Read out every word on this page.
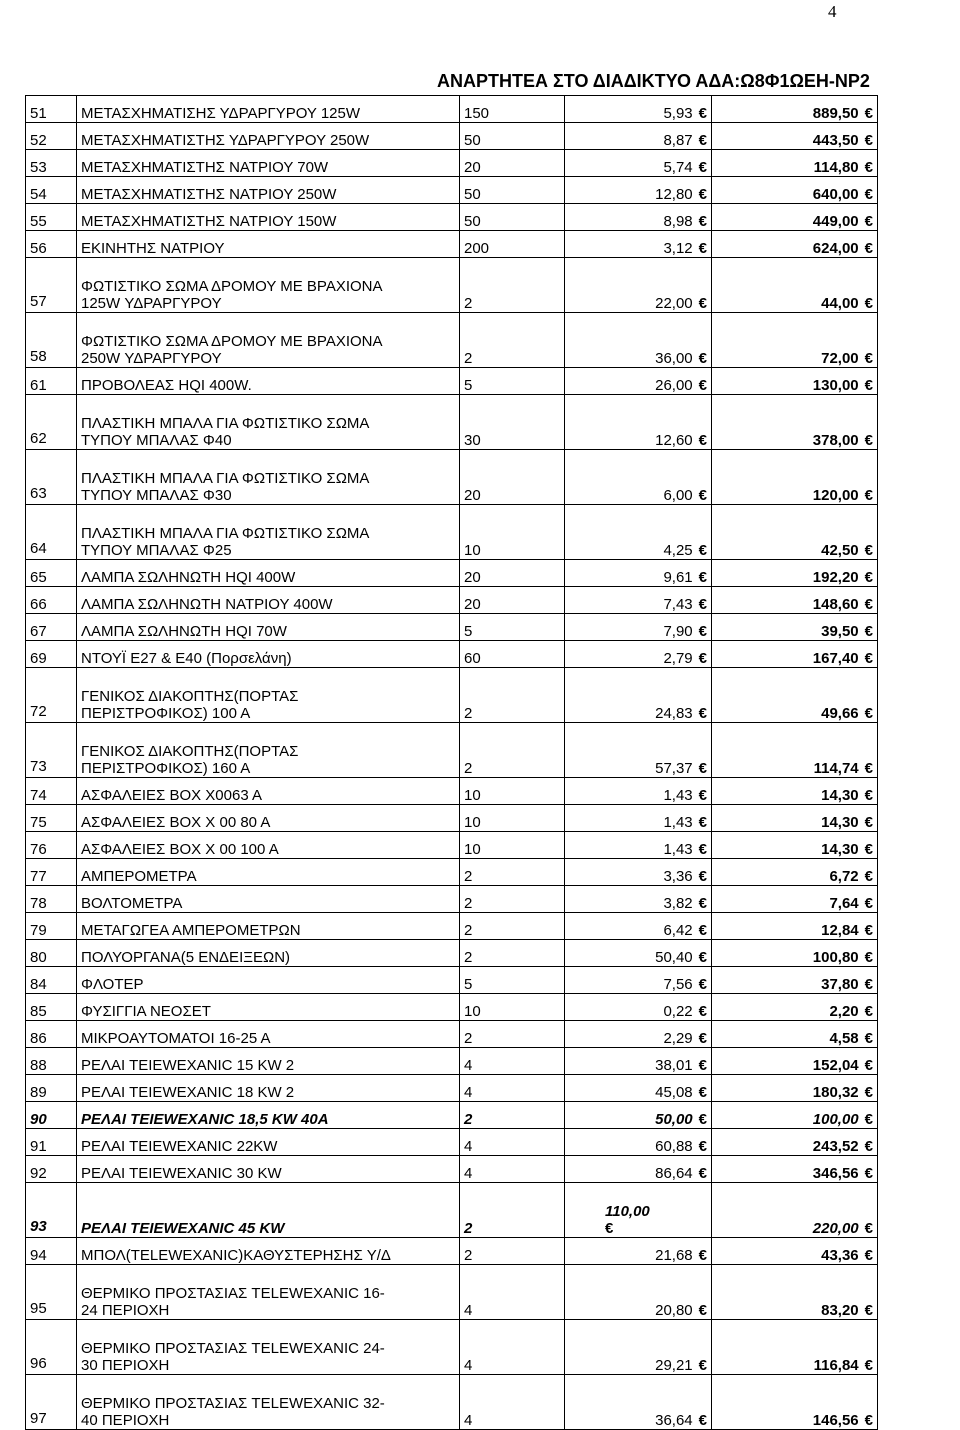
4
ΑΝΑΡΤΗΤΕΑ ΣΤΟ ΔΙΑΔΙΚΤΥΟ ΑΔΑ:Ω8Φ1ΩΕΗ-ΝΡ2
51	ΜΕΤΑΣΧΗΜΑΤΙΣΗΣ ΥΔΡΑΡΓΥΡΟΥ 125W	150	5,93 €	889,50 €
52	ΜΕΤΑΣΧΗΜΑΤΙΣΤΗΣ ΥΔΡΑΡΓΥΡΟΥ 250W	50	8,87 €	443,50 €
53	ΜΕΤΑΣΧΗΜΑΤΙΣΤΗΣ ΝΑΤΡΙΟΥ 70W	20	5,74 €	114,80 €
54	ΜΕΤΑΣΧΗΜΑΤΙΣΤΗΣ ΝΑΤΡΙΟΥ 250W	50	12,80 €	640,00 €
55	ΜΕΤΑΣΧΗΜΑΤΙΣΤΗΣ ΝΑΤΡΙΟΥ 150W	50	8,98 €	449,00 €
56	ΕΚΙΝΗΤΗΣ ΝΑΤΡΙΟΥ	200	3,12 €	624,00 €
57	ΦΩΤΙΣΤΙΚΟ ΣΩΜΑ ΔΡΟΜΟΥ ΜΕ ΒΡΑΧΙΟΝΑ
125W ΥΔΡΑΡΓΥΡΟΥ	2	22,00 €	44,00 €
58	ΦΩΤΙΣΤΙΚΟ ΣΩΜΑ ΔΡΟΜΟΥ ΜΕ ΒΡΑΧΙΟΝΑ
250W ΥΔΡΑΡΓΥΡΟΥ	2	36,00 €	72,00 €
61	ΠΡΟΒΟΛΕΑΣ HQI 400W.	5	26,00 €	130,00 €
62	ΠΛΑΣΤΙΚΗ ΜΠΑΛΑ ΓΙΑ ΦΩΤΙΣΤΙΚΟ ΣΩΜΑ
ΤΥΠΟΥ ΜΠΑΛΑΣ Φ40	30	12,60 €	378,00 €
63	ΠΛΑΣΤΙΚΗ ΜΠΑΛΑ ΓΙΑ ΦΩΤΙΣΤΙΚΟ ΣΩΜΑ
ΤΥΠΟΥ ΜΠΑΛΑΣ Φ30	20	6,00 €	120,00 €
64	ΠΛΑΣΤΙΚΗ ΜΠΑΛΑ ΓΙΑ ΦΩΤΙΣΤΙΚΟ ΣΩΜΑ
ΤΥΠΟΥ ΜΠΑΛΑΣ Φ25	10	4,25 €	42,50 €
65	ΛΑΜΠΑ ΣΩΛΗΝΩΤΗ HQI 400W	20	9,61 €	192,20 €
66	ΛΑΜΠΑ ΣΩΛΗΝΩΤΗ ΝΑΤΡΙΟΥ 400W	20	7,43 €	148,60 €
67	ΛΑΜΠΑ ΣΩΛΗΝΩΤΗ HQI 70W	5	7,90 €	39,50 €
69	ΝΤΟΥΪ Ε27 & Ε40 (Πορσελάνη)	60	2,79 €	167,40 €
72	ΓΕΝΙΚΟΣ ΔΙΑΚΟΠΤΗΣ(ΠΟΡΤΑΣ
ΠΕΡΙΣΤΡΟΦΙΚΟΣ) 100 Α	2	24,83 €	49,66 €
73	ΓΕΝΙΚΟΣ ΔΙΑΚΟΠΤΗΣ(ΠΟΡΤΑΣ
ΠΕΡΙΣΤΡΟΦΙΚΟΣ) 160 Α	2	57,37 €	114,74 €
74	ΑΣΦΑΛΕΙΕΣ ΒΟΧ Χ0063 Α	10	1,43 €	14,30 €
75	ΑΣΦΑΛΕΙΕΣ ΒΟΧ Χ 00 80 Α	10	1,43 €	14,30 €
76	ΑΣΦΑΛΕΙΕΣ ΒΟΧ Χ 00 100 Α	10	1,43 €	14,30 €
77	ΑΜΠΕΡΟΜΕΤΡΑ	2	3,36 €	6,72 €
78	ΒΟΛΤΟΜΕΤΡΑ	2	3,82 €	7,64 €
79	ΜΕΤΑΓΩΓΕΑ ΑΜΠΕΡΟΜΕΤΡΩΝ	2	6,42 €	12,84 €
80	ΠΟΛΥΟΡΓΑΝΑ(5 ΕΝΔΕΙΞΕΩΝ)	2	50,40 €	100,80 €
84	ΦΛΟΤΕΡ	5	7,56 €	37,80 €
85	ΦΥΣΙΓΓΙΑ ΝΕΟΣΕΤ	10	0,22 €	2,20 €
86	ΜΙΚΡΟΑΥΤΟΜΑΤΟΙ 16-25 Α	2	2,29 €	4,58 €
88	ΡΕΛΑΙ ΤΕΙΕWΕΧΑΝΙC 15 KW 2	4	38,01 €	152,04 €
89	ΡΕΛΑΙ ΤΕΙΕWΕΧΑΝΙC 18 KW 2	4	45,08 €	180,32 €
90	ΡΕΛΑΙ ΤΕΙΕWΕΧΑΝΙC 18,5 KW 40A	2	50,00 €	100,00 €
91	ΡΕΛΑΙ ΤΕΙΕWΕΧΑΝΙC 22KW	4	60,88 €	243,52 €
92	ΡΕΛΑΙ ΤΕΙΕWΕΧΑΝΙC 30 KW	4	86,64 €	346,56 €
93	ΡΕΛΑΙ ΤΕΙΕWΕΧΑΝΙC 45 KW	2	110,00
€	220,00 €
94	ΜΠΟΛ(TELEWEXANIC)ΚΑΘΥΣΤΕΡΗΣΗΣ Υ/Δ	2	21,68 €	43,36 €
95	ΘΕΡΜΙΚΟ ΠΡΟΣΤΑΣΙΑΣ TELEWEXANIC 16-
24 ΠΕΡΙΟΧΗ	4	20,80 €	83,20 €
96	ΘΕΡΜΙΚΟ ΠΡΟΣΤΑΣΙΑΣ TELEWEXANIC 24-
30 ΠΕΡΙΟΧΗ	4	29,21 €	116,84 €
97	ΘΕΡΜΙΚΟ ΠΡΟΣΤΑΣΙΑΣ TELEWEXANIC 32-
40 ΠΕΡΙΟΧΗ	4	36,64 €	146,56 €
